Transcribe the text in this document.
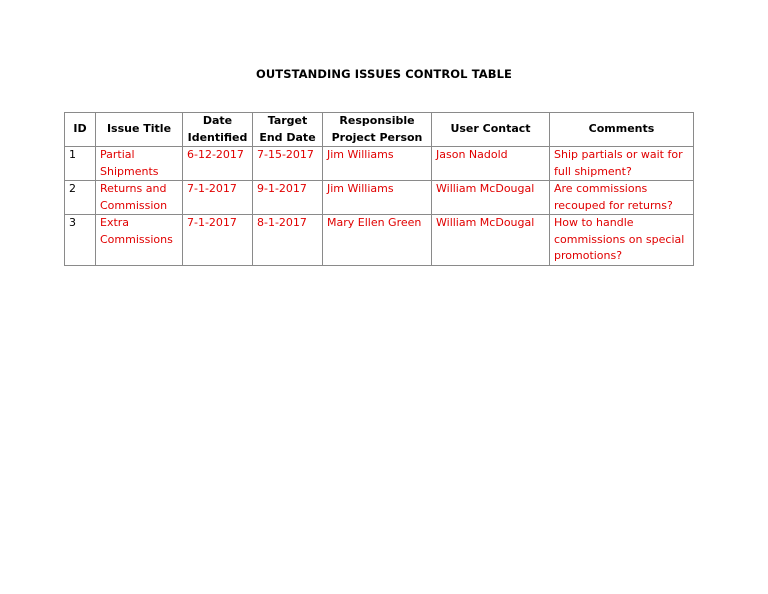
OUTSTANDING ISSUES CONTROL TABLE
ID	Issue Title	Date Identified	Target End Date	Responsible Project Person	User Contact	Comments
1	Partial Shipments	6-12-2017	7-15-2017	Jim Williams	Jason Nadold	Ship partials or wait for full shipment?
2	Returns and Commission	7-1-2017	9-1-2017	Jim Williams	William McDougal	Are commissions recouped for returns?
3	Extra Commissions	7-1-2017	8-1-2017	Mary Ellen Green	William McDougal	How to handle commissions on special promotions?
